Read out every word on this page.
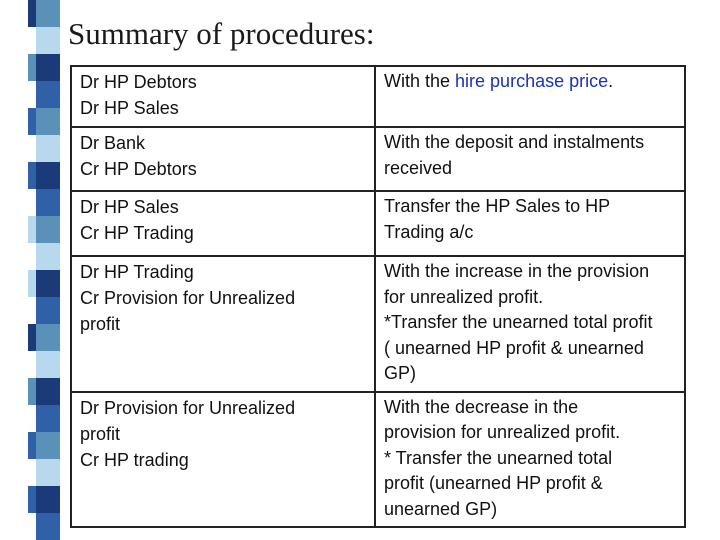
Summary of procedures:
Dr HP Debtors
Dr HP Sales	With the hire purchase price.

Dr Bank
Cr HP Debtors	With the deposit and instalments
received

Dr HP Sales
Cr HP Trading	Transfer the HP Sales to HP
Trading a/c

Dr HP Trading
Cr Provision for Unrealized
profit	With the increase in the provision
for unrealized profit.
*Transfer the unearned total profit
( unearned HP profit & unearned
GP)

Dr Provision for Unrealized
profit
Cr HP trading	With the decrease in the
provision for unrealized profit.
* Transfer the unearned total
profit (unearned HP profit &
unearned GP)
